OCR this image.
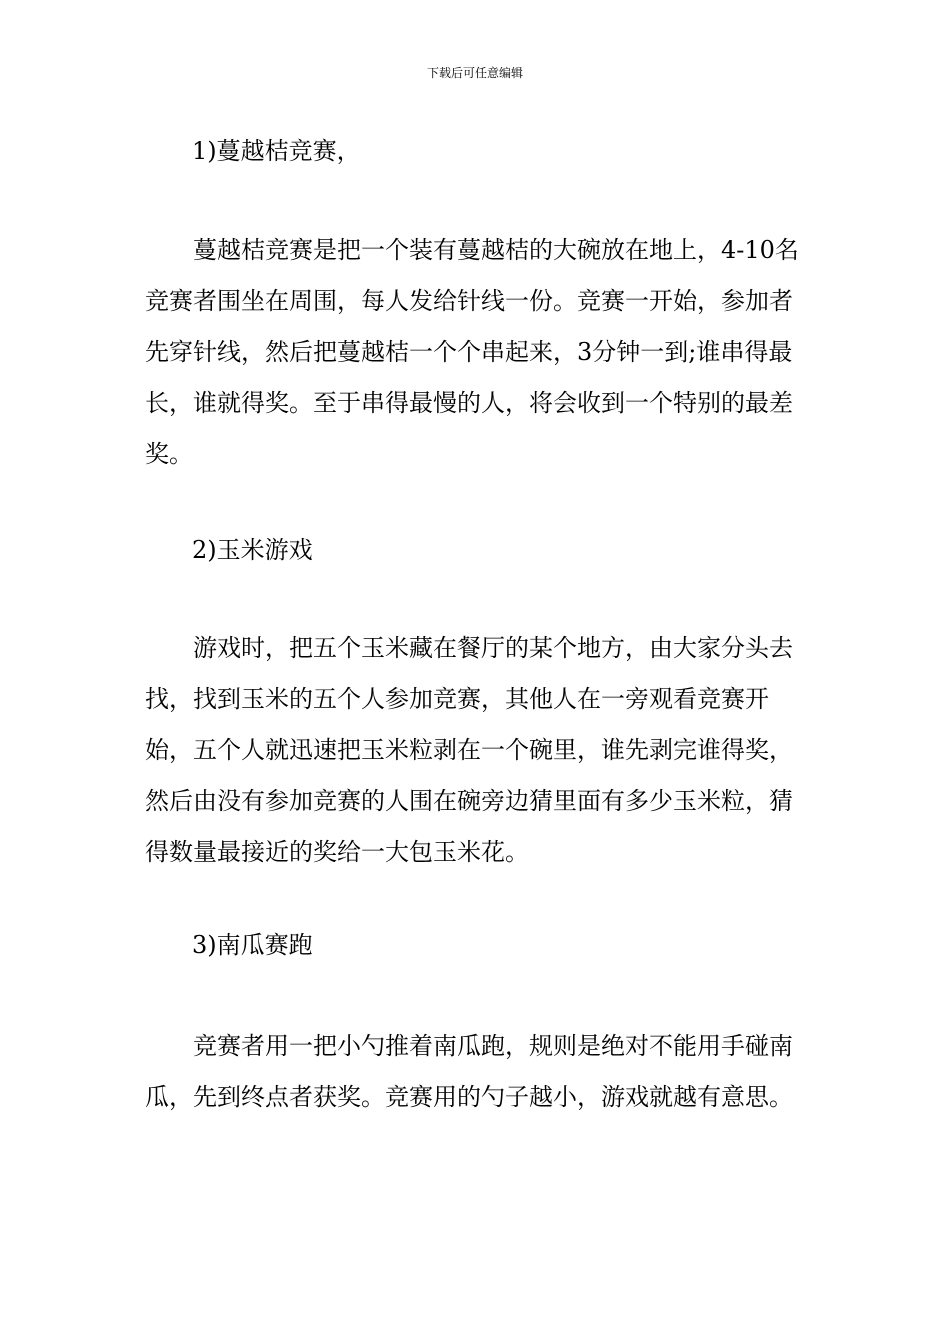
下载后可任意编辑
1)蔓越桔竞赛，

蔓越桔竞赛是把一个装有蔓越桔的大碗放在地上，4-10名竞赛者围坐在周围，每人发给针线一份。竞赛一开始，参加者先穿针线，然后把蔓越桔一个个串起来，3分钟一到;谁串得最长，谁就得奖。至于串得最慢的人，将会收到一个特别的最差奖。

2)玉米游戏

游戏时，把五个玉米藏在餐厅的某个地方，由大家分头去找，找到玉米的五个人参加竞赛，其他人在一旁观看竞赛开始，五个人就迅速把玉米粒剥在一个碗里，谁先剥完谁得奖，然后由没有参加竞赛的人围在碗旁边猜里面有多少玉米粒，猜得数量最接近的奖给一大包玉米花。

3)南瓜赛跑

竞赛者用一把小勺推着南瓜跑，规则是绝对不能用手碰南瓜，先到终点者获奖。竞赛用的勺子越小，游戏就越有意思。
